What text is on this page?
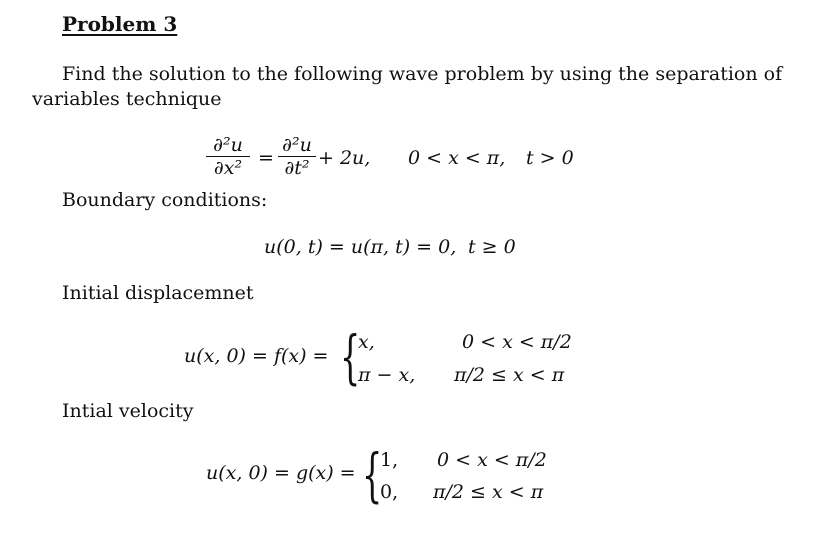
Problem 3
Find the solution to the following wave problem by using the separation of
variables technique
∂²u
∂x² =
∂²u
∂t² + 2u, 0 < x < π, t > 0
Boundary conditions:
u(0, t) = u(π, t) = 0, t ≥ 0
Initial displacemnet
u(x, 0) = f(x) = {
x,	0 < x < π/2
π − x, π/2 ≤ x < π
Intial velocity
u(x, 0) = g(x) = {
1, 0 < x < π/2
0, π/2 ≤ x < π
